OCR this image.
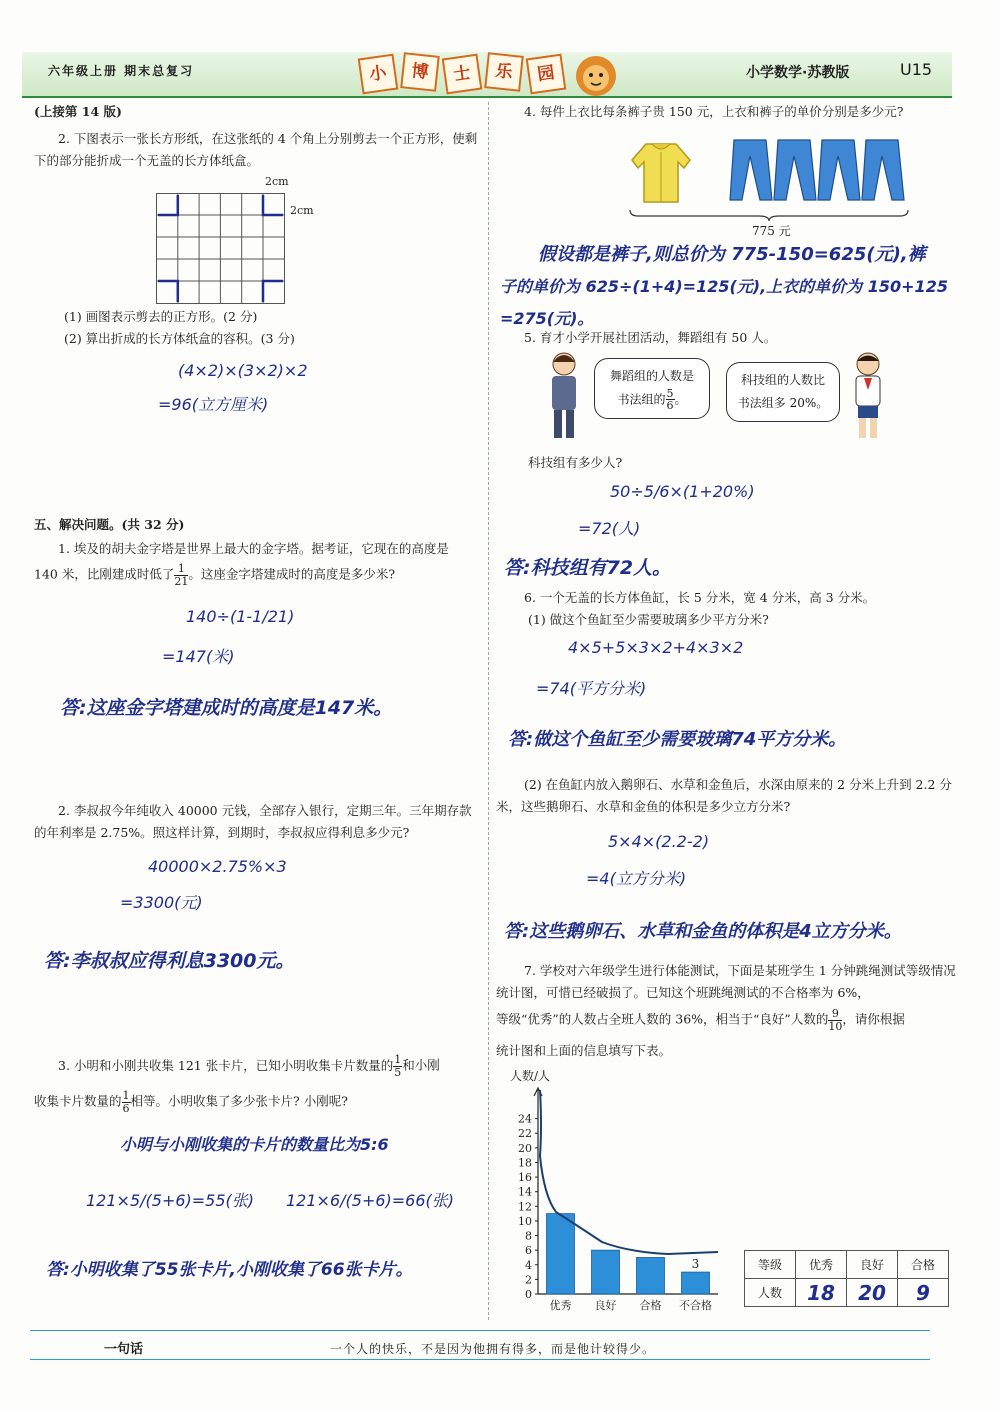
六年级上册 期末总复习	小	博	士	乐	园	小学数学·苏教版	U15
(上接第 14 版)
2. 下图表示一张长方形纸，在这张纸的 4 个角上分别剪去一个正方形，使剩下的部分能折成一个无盖的长方体纸盒。
2cm
2cm
(1) 画图表示剪去的正方形。(2 分)
(2) 算出折成的长方体纸盒的容积。(3 分)
(4×2)×(3×2)×2
=96(立方厘米)
五、解决问题。(共 32 分)
1. 埃及的胡夫金字塔是世界上最大的金字塔。据考证，它现在的高度是
140 米，比刚建成时低了 $\frac{1}{21}$ 。这座金字塔建成时的高度是多少米?
140÷(1-1/21)
=147(米)
答:这座金字塔建成时的高度是147米。
2. 李叔叔今年纯收入 40000 元钱，全部存入银行，定期三年。三年期存款的年利率是 2.75%。照这样计算，到期时，李叔叔应得利息多少元?
40000×2.75%×3
=3300(元)
答:李叔叔应得利息3300元。
3. 小明和小刚共收集 121 张卡片，已知小明收集卡片数量的 $\frac{1}{5}$ 和小刚
收集卡片数量的 $\frac{1}{6}$ 相等。小明收集了多少张卡片? 小刚呢?
小明与小刚收集的卡片的数量比为5:6
121×5/(5+6)=55(张) 121×6/(5+6)=66(张)
答:小明收集了55张卡片,小刚收集了66张卡片。
4. 每件上衣比每条裤子贵 150 元，上衣和裤子的单价分别是多少元?
775 元
假设都是裤子,则总价为 775-150=625(元),裤
子的单价为 625÷(1+4)=125(元),上衣的单价为 150+125
=275(元)。
5. 育才小学开展社团活动，舞蹈组有 50 人。
舞蹈组的人数是
书法组的 $\frac{5}{6}$ 。
科技组的人数比
书法组多 20%。
科技组有多少人?
50÷5/6×(1+20%)
=72(人)
答:科技组有72人。
6. 一个无盖的长方体鱼缸，长 5 分米，宽 4 分米，高 3 分米。
(1) 做这个鱼缸至少需要玻璃多少平方分米?
4×5+5×3×2+4×3×2
=74(平方分米)
答:做这个鱼缸至少需要玻璃74平方分米。
(2) 在鱼缸内放入鹅卵石、水草和金鱼后，水深由原来的 2 分米上升到 2.2 分米，这些鹅卵石、水草和金鱼的体积是多少立方分米?
5×4×(2.2-2)
=4(立方分米)
答:这些鹅卵石、水草和金鱼的体积是4立方分米。
7. 学校对六年级学生进行体能测试，下面是某班学生 1 分钟跳绳测试等级情况统计图，可惜已经破损了。已知这个班跳绳测试的不合格率为 6%，
等级“优秀”的人数占全班人数的 36%，相当于“良好”人数的 $\frac{9}{10}$ ，请你根据
统计图和上面的信息填写下表。
人数/人
0
2
4
6
8
10
12
14
16
18
20
22
24
优秀 良好 合格 不合格
3	等级	优秀	良好	合格
人数	18	20	9
一句话	一个人的快乐，不是因为他拥有得多，而是他计较得少。
